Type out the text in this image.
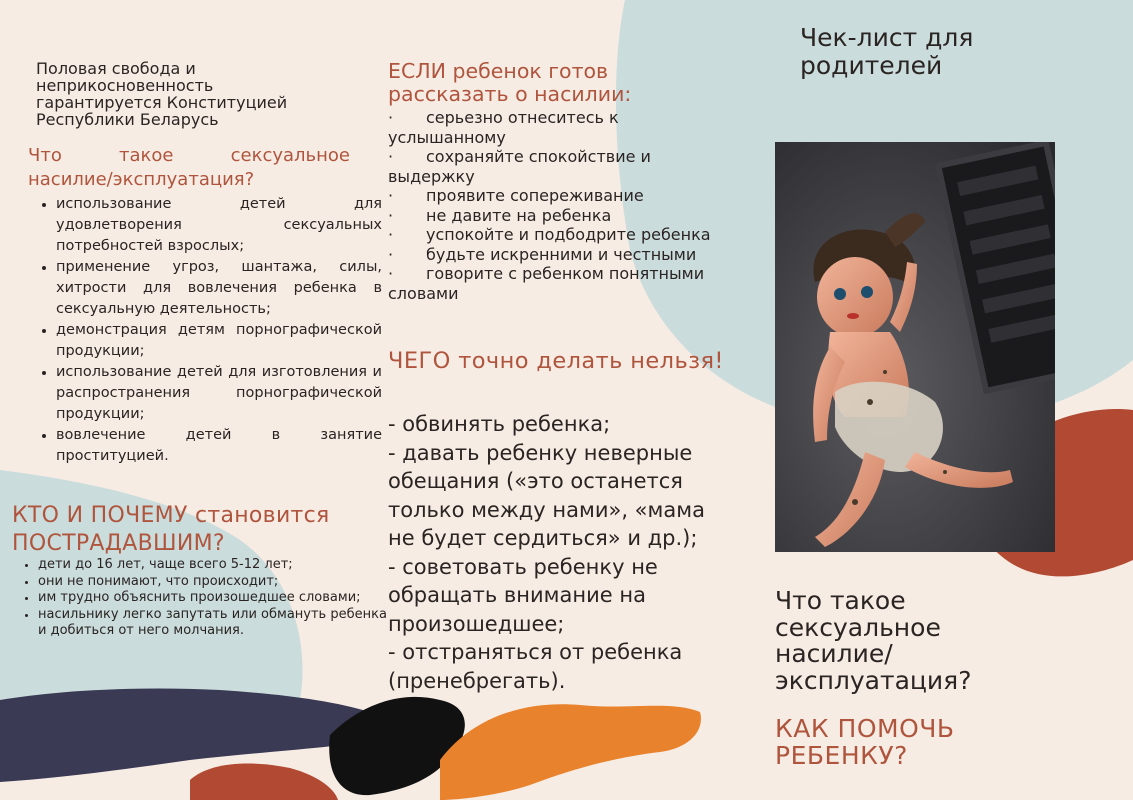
Половая свобода и
неприкосновенность
гарантируется Конституцией
Республики Беларусь
Что такое сексуальное
насилие/эксплуатация?
• использование детей для удовлетворения сексуальных потребностей взрослых;
• применение угроз, шантажа, силы, хитрости для вовлечения ребенка в сексуальную деятельность;
• демонстрация детям порнографической продукции;
• использование детей для изготовления и распространения порнографической продукции;
• вовлечение детей в занятие проституцией.
КТО И ПОЧЕМУ становится
ПОСТРАДАВШИМ?
• дети до 16 лет, чаще всего 5-12 лет;
• они не понимают, что происходит;
• им трудно объяснить произошедшее словами;
• насильнику легко запутать или обмануть ребенка и добиться от него молчания.
ЕСЛИ ребенок готов
рассказать о насилии:
· серьезно отнеситесь к
услышанному
· сохраняйте спокойствие и
выдержку
· проявите сопереживание
· не давите на ребенка
· успокойте и подбодрите ребенка
· будьте искренними и честными
· говорите с ребенком понятными
словами
ЧЕГО точно делать нельзя!
- обвинять ребенка;
- давать ребенку неверные
обещания («это останется
только между нами», «мама
не будет сердиться» и др.);
- советовать ребенку не
обращать внимание на
произошедшее;
- отстраняться от ребенка
(пренебрегать).
Чек-лист для
родителей
Что такое
сексуальное
насилие/
эксплуатация?
КАК ПОМОЧЬ
РЕБЕНКУ?
